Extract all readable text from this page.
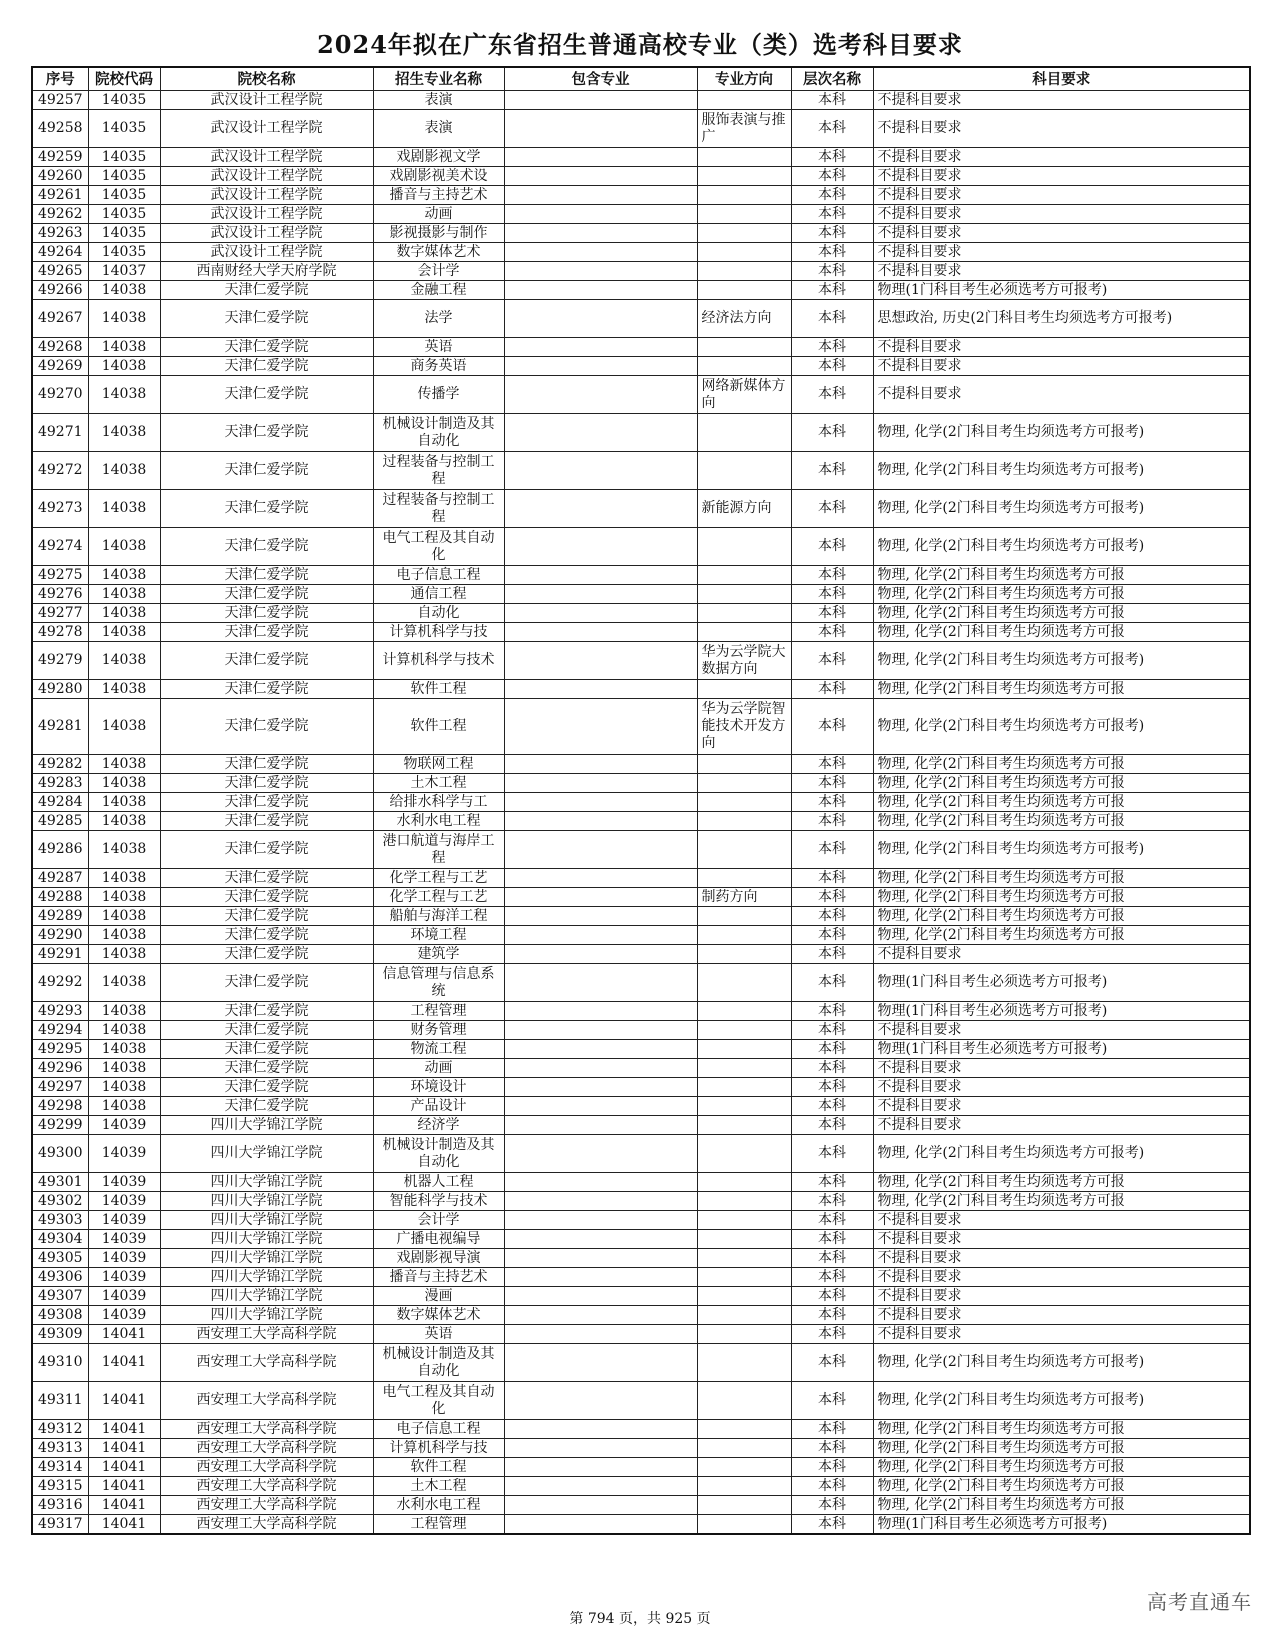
2024年拟在广东省招生普通高校专业（类）选考科目要求
序号	院校代码	院校名称	招生专业名称	包含专业	专业方向	层次名称	科目要求
49257	14035	武汉设计工程学院	表演			本科	不提科目要求
49258	14035	武汉设计工程学院	表演		服饰表演与推广	本科	不提科目要求
49259	14035	武汉设计工程学院	戏剧影视文学			本科	不提科目要求
49260	14035	武汉设计工程学院	戏剧影视美术设			本科	不提科目要求
49261	14035	武汉设计工程学院	播音与主持艺术			本科	不提科目要求
49262	14035	武汉设计工程学院	动画			本科	不提科目要求
49263	14035	武汉设计工程学院	影视摄影与制作			本科	不提科目要求
49264	14035	武汉设计工程学院	数字媒体艺术			本科	不提科目要求
49265	14037	西南财经大学天府学院	会计学			本科	不提科目要求
49266	14038	天津仁爱学院	金融工程			本科	物理(1门科目考生必须选考方可报考)
49267	14038	天津仁爱学院	法学		经济法方向	本科	思想政治, 历史(2门科目考生均须选考方可报考)
49268	14038	天津仁爱学院	英语			本科	不提科目要求
49269	14038	天津仁爱学院	商务英语			本科	不提科目要求
49270	14038	天津仁爱学院	传播学		网络新媒体方向	本科	不提科目要求
49271	14038	天津仁爱学院	机械设计制造及其自动化			本科	物理, 化学(2门科目考生均须选考方可报考)
49272	14038	天津仁爱学院	过程装备与控制工程			本科	物理, 化学(2门科目考生均须选考方可报考)
49273	14038	天津仁爱学院	过程装备与控制工程		新能源方向	本科	物理, 化学(2门科目考生均须选考方可报考)
49274	14038	天津仁爱学院	电气工程及其自动化			本科	物理, 化学(2门科目考生均须选考方可报考)
49275	14038	天津仁爱学院	电子信息工程			本科	物理, 化学(2门科目考生均须选考方可报
49276	14038	天津仁爱学院	通信工程			本科	物理, 化学(2门科目考生均须选考方可报
49277	14038	天津仁爱学院	自动化			本科	物理, 化学(2门科目考生均须选考方可报
49278	14038	天津仁爱学院	计算机科学与技			本科	物理, 化学(2门科目考生均须选考方可报
49279	14038	天津仁爱学院	计算机科学与技术		华为云学院大数据方向	本科	物理, 化学(2门科目考生均须选考方可报考)
49280	14038	天津仁爱学院	软件工程			本科	物理, 化学(2门科目考生均须选考方可报
49281	14038	天津仁爱学院	软件工程		华为云学院智能技术开发方向	本科	物理, 化学(2门科目考生均须选考方可报考)
49282	14038	天津仁爱学院	物联网工程			本科	物理, 化学(2门科目考生均须选考方可报
49283	14038	天津仁爱学院	土木工程			本科	物理, 化学(2门科目考生均须选考方可报
49284	14038	天津仁爱学院	给排水科学与工			本科	物理, 化学(2门科目考生均须选考方可报
49285	14038	天津仁爱学院	水利水电工程			本科	物理, 化学(2门科目考生均须选考方可报
49286	14038	天津仁爱学院	港口航道与海岸工程			本科	物理, 化学(2门科目考生均须选考方可报考)
49287	14038	天津仁爱学院	化学工程与工艺			本科	物理, 化学(2门科目考生均须选考方可报
49288	14038	天津仁爱学院	化学工程与工艺		制药方向	本科	物理, 化学(2门科目考生均须选考方可报
49289	14038	天津仁爱学院	船舶与海洋工程			本科	物理, 化学(2门科目考生均须选考方可报
49290	14038	天津仁爱学院	环境工程			本科	物理, 化学(2门科目考生均须选考方可报
49291	14038	天津仁爱学院	建筑学			本科	不提科目要求
49292	14038	天津仁爱学院	信息管理与信息系统			本科	物理(1门科目考生必须选考方可报考)
49293	14038	天津仁爱学院	工程管理			本科	物理(1门科目考生必须选考方可报考)
49294	14038	天津仁爱学院	财务管理			本科	不提科目要求
49295	14038	天津仁爱学院	物流工程			本科	物理(1门科目考生必须选考方可报考)
49296	14038	天津仁爱学院	动画			本科	不提科目要求
49297	14038	天津仁爱学院	环境设计			本科	不提科目要求
49298	14038	天津仁爱学院	产品设计			本科	不提科目要求
49299	14039	四川大学锦江学院	经济学			本科	不提科目要求
49300	14039	四川大学锦江学院	机械设计制造及其自动化			本科	物理, 化学(2门科目考生均须选考方可报考)
49301	14039	四川大学锦江学院	机器人工程			本科	物理, 化学(2门科目考生均须选考方可报
49302	14039	四川大学锦江学院	智能科学与技术			本科	物理, 化学(2门科目考生均须选考方可报
49303	14039	四川大学锦江学院	会计学			本科	不提科目要求
49304	14039	四川大学锦江学院	广播电视编导			本科	不提科目要求
49305	14039	四川大学锦江学院	戏剧影视导演			本科	不提科目要求
49306	14039	四川大学锦江学院	播音与主持艺术			本科	不提科目要求
49307	14039	四川大学锦江学院	漫画			本科	不提科目要求
49308	14039	四川大学锦江学院	数字媒体艺术			本科	不提科目要求
49309	14041	西安理工大学高科学院	英语			本科	不提科目要求
49310	14041	西安理工大学高科学院	机械设计制造及其自动化			本科	物理, 化学(2门科目考生均须选考方可报考)
49311	14041	西安理工大学高科学院	电气工程及其自动化			本科	物理, 化学(2门科目考生均须选考方可报考)
49312	14041	西安理工大学高科学院	电子信息工程			本科	物理, 化学(2门科目考生均须选考方可报
49313	14041	西安理工大学高科学院	计算机科学与技			本科	物理, 化学(2门科目考生均须选考方可报
49314	14041	西安理工大学高科学院	软件工程			本科	物理, 化学(2门科目考生均须选考方可报
49315	14041	西安理工大学高科学院	土木工程			本科	物理, 化学(2门科目考生均须选考方可报
49316	14041	西安理工大学高科学院	水利水电工程			本科	物理, 化学(2门科目考生均须选考方可报
49317	14041	西安理工大学高科学院	工程管理			本科	物理(1门科目考生必须选考方可报考)
第 794 页，共 925 页
高考直通车
